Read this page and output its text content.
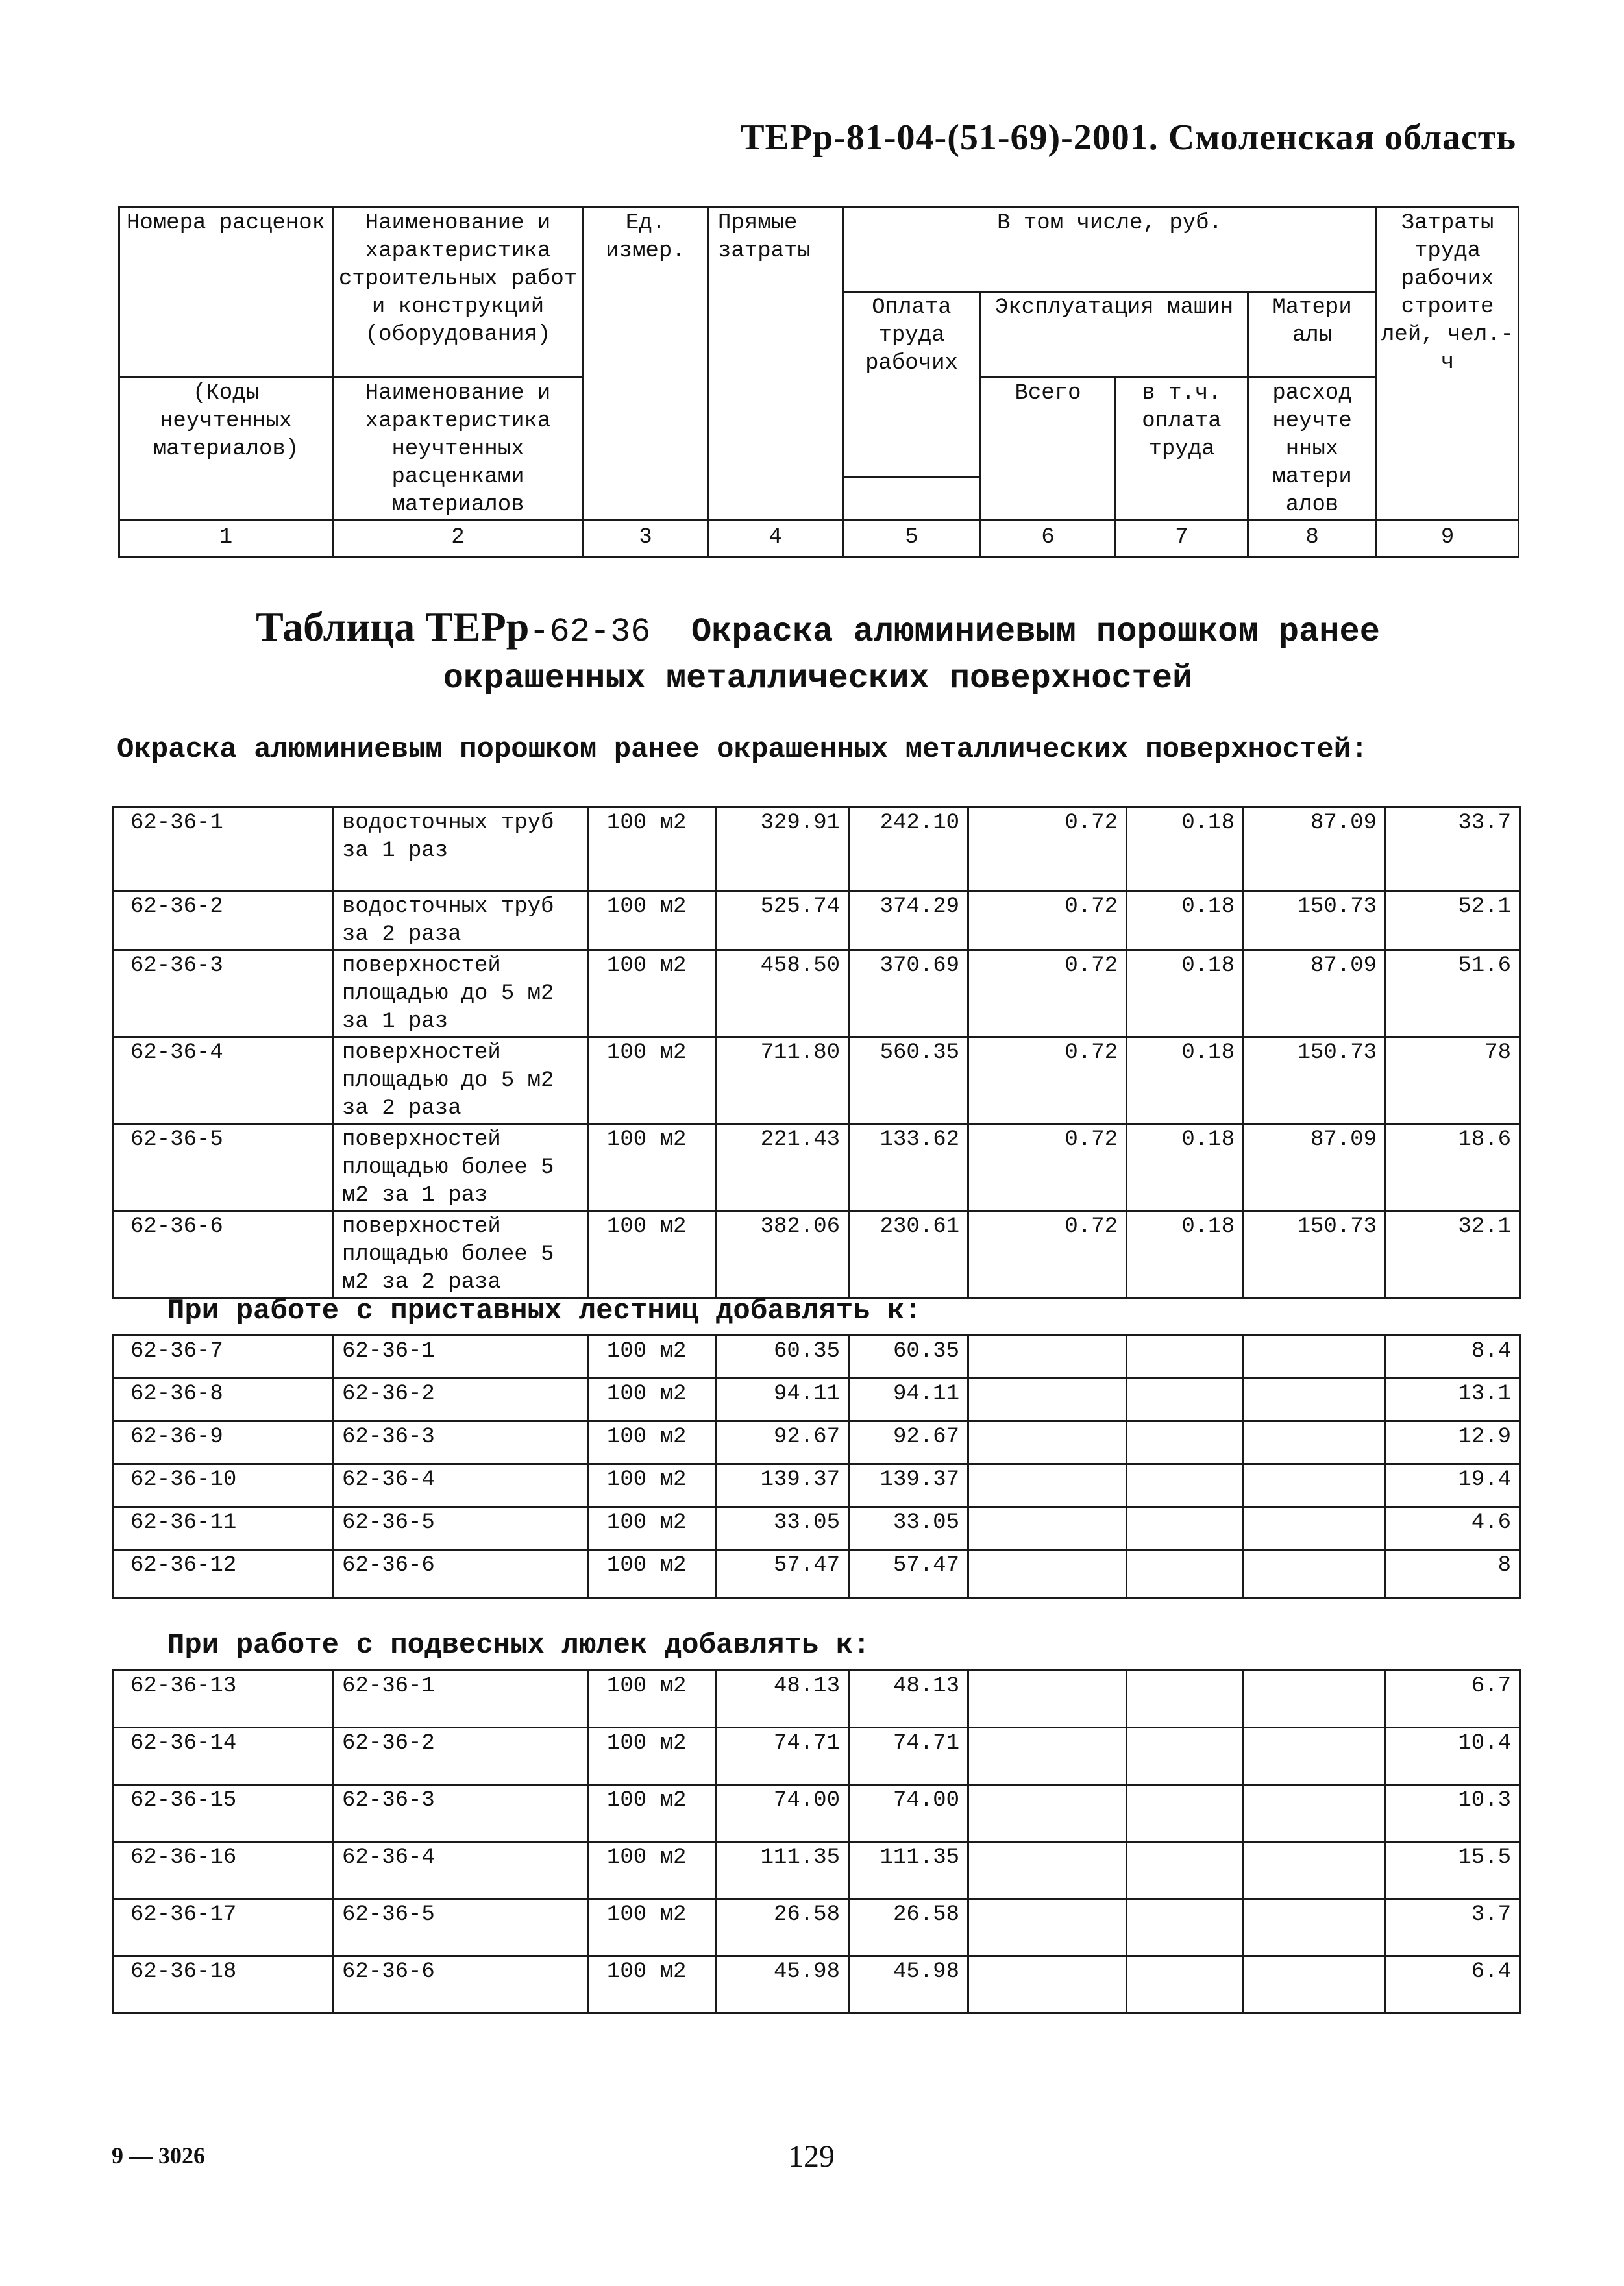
ТЕРр-81-04-(51-69)-2001. Смоленская область
Номера расценок	Наименование и характеристика строительных работ и конструкций (оборудования)	Ед. измер.	Прямые затраты	В том числе, руб.				Затраты труда рабочих строите лей, чел.-ч
				Оплата труда рабочих	Эксплуатация машин		Матери алы	
(Коды неучтенных материалов)	Наименование и характеристика неучтенных расценками материалов				Всего	в т.ч. оплата труда	расход неучте нных матери алов	

1	2	3	4	5	6	7	8	9
Таблица ТЕРр-62-36 Окраска алюминиевым порошком ранее
окрашенных металлических поверхностей
Окраска алюминиевым порошком ранее окрашенных металлических поверхностей:
62-36-1	водосточных труб за 1 раз	100 м2	329.91	242.10	0.72	0.18	87.09	33.7
62-36-2	водосточных труб за 2 раза	100 м2	525.74	374.29	0.72	0.18	150.73	52.1
62-36-3	поверхностей площадью до 5 м2 за 1 раз	100 м2	458.50	370.69	0.72	0.18	87.09	51.6
62-36-4	поверхностей площадью до 5 м2 за 2 раза	100 м2	711.80	560.35	0.72	0.18	150.73	78
62-36-5	поверхностей площадью более 5 м2 за 1 раз	100 м2	221.43	133.62	0.72	0.18	87.09	18.6
62-36-6	поверхностей площадью более 5 м2 за 2 раза	100 м2	382.06	230.61	0.72	0.18	150.73	32.1
При работе с приставных лестниц добавлять к:
62-36-7	62-36-1	100 м2	60.35	60.35				8.4
62-36-8	62-36-2	100 м2	94.11	94.11				13.1
62-36-9	62-36-3	100 м2	92.67	92.67				12.9
62-36-10	62-36-4	100 м2	139.37	139.37				19.4
62-36-11	62-36-5	100 м2	33.05	33.05				4.6
62-36-12	62-36-6	100 м2	57.47	57.47				8
При работе с подвесных люлек добавлять к:
62-36-13	62-36-1	100 м2	48.13	48.13				6.7
62-36-14	62-36-2	100 м2	74.71	74.71				10.4
62-36-15	62-36-3	100 м2	74.00	74.00				10.3
62-36-16	62-36-4	100 м2	111.35	111.35				15.5
62-36-17	62-36-5	100 м2	26.58	26.58				3.7
62-36-18	62-36-6	100 м2	45.98	45.98				6.4
9 — 3026	129
